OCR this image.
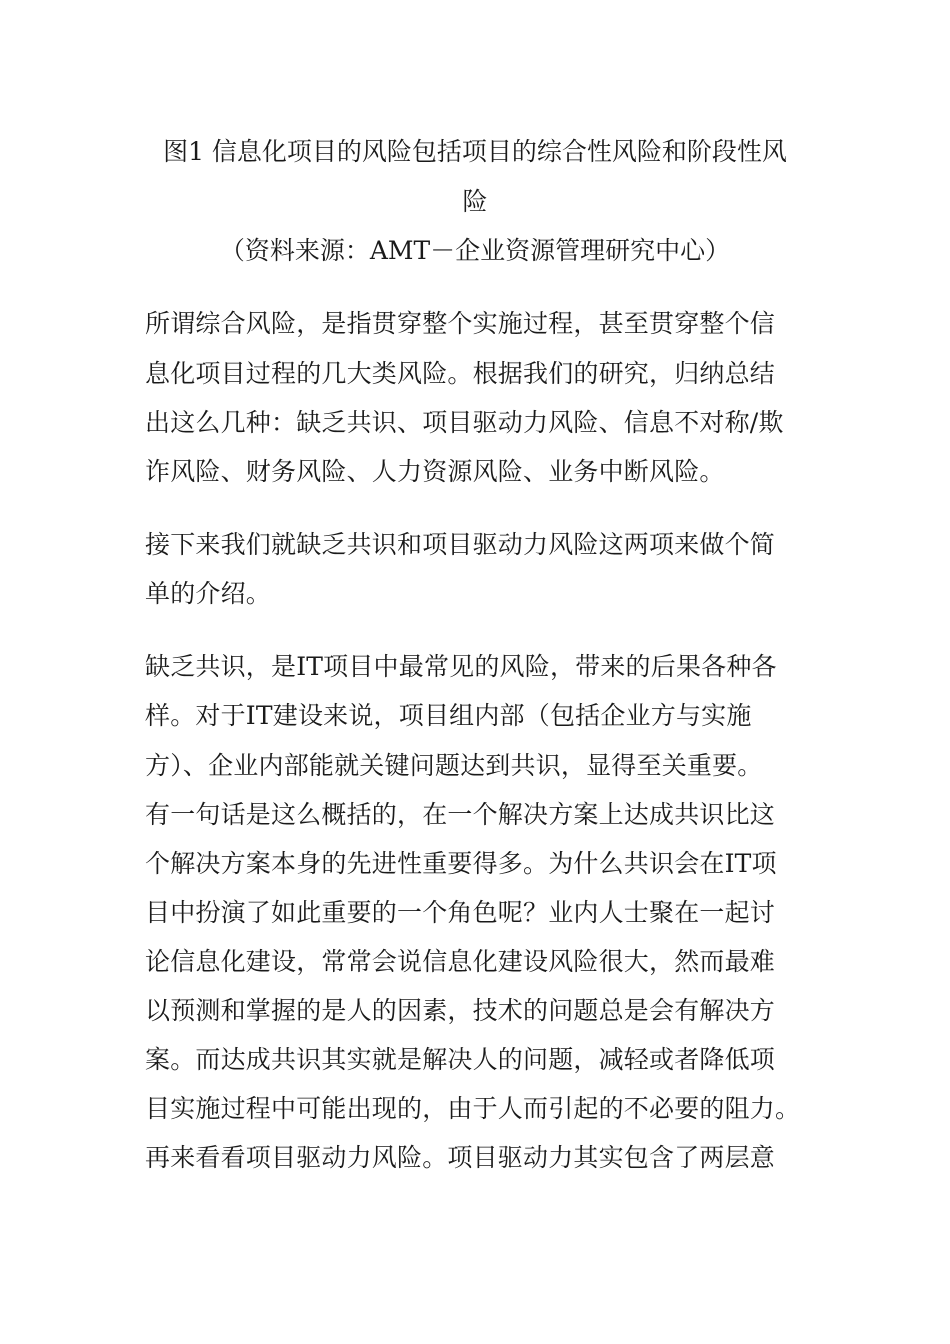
图1 信息化项目的风险包括项目的综合性风险和阶段性风
险
（资料来源：AMT－企业资源管理研究中心）
所谓综合风险，是指贯穿整个实施过程，甚至贯穿整个信
息化项目过程的几大类风险。根据我们的研究，归纳总结
出这么几种：缺乏共识、项目驱动力风险、信息不对称/欺
诈风险、财务风险、人力资源风险、业务中断风险。
接下来我们就缺乏共识和项目驱动力风险这两项来做个简
单的介绍。
缺乏共识，是IT项目中最常见的风险，带来的后果各种各
样。对于IT建设来说，项目组内部（包括企业方与实施
方）、企业内部能就关键问题达到共识，显得至关重要。
有一句话是这么概括的，在一个解决方案上达成共识比这
个解决方案本身的先进性重要得多。为什么共识会在IT项
目中扮演了如此重要的一个角色呢？业内人士聚在一起讨
论信息化建设，常常会说信息化建设风险很大，然而最难
以预测和掌握的是人的因素，技术的问题总是会有解决方
案。而达成共识其实就是解决人的问题，减轻或者降低项
目实施过程中可能出现的，由于人而引起的不必要的阻力。
再来看看项目驱动力风险。项目驱动力其实包含了两层意
